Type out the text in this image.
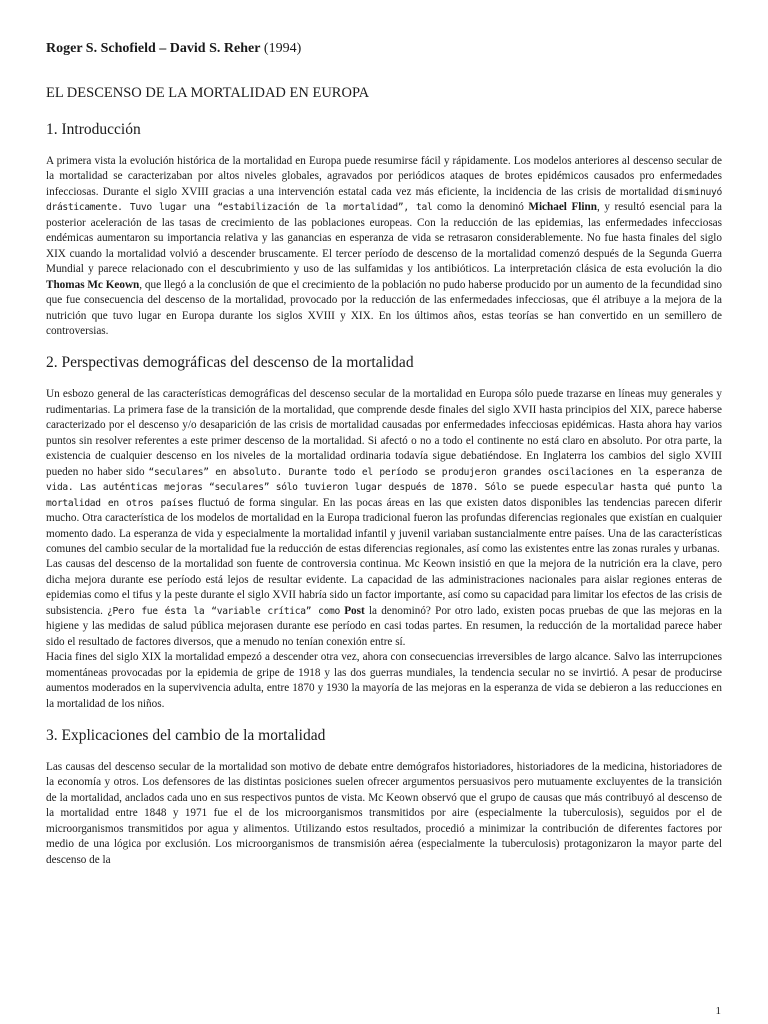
Roger S. Schofield – David S. Reher (1994)
EL DESCENSO DE LA MORTALIDAD EN EUROPA
1. Introducción

A primera vista la evolución histórica de la mortalidad en Europa puede resumirse fácil y rápidamente. Los modelos anteriores al descenso secular de la mortalidad se caracterizaban por altos niveles globales, agravados por periódicos ataques de brotes epidémicos causados pro enfermedades infecciosas. Durante el siglo XVIII gracias a una intervención estatal cada vez más eficiente, la incidencia de las crisis de mortalidad disminuyó drásticamente. Tuvo lugar una “estabilización de la mortalidad”, tal como la denominó Michael Flinn, y resultó esencial para la posterior aceleración de las tasas de crecimiento de las poblaciones europeas. Con la reducción de las epidemias, las enfermedades infecciosas endémicas aumentaron su importancia relativa y las ganancias en esperanza de vida se retrasaron considerablemente. No fue hasta finales del siglo XIX cuando la mortalidad volvió a descender bruscamente. El tercer período de descenso de la mortalidad comenzó después de la Segunda Guerra Mundial y parece relacionado con el descubrimiento y uso de las sulfamidas y los antibióticos. La interpretación clásica de esta evolución la dio Thomas Mc Keown, que llegó a la conclusión de que el crecimiento de la población no pudo haberse producido por un aumento de la fecundidad sino que fue consecuencia del descenso de la mortalidad, provocado por la reducción de las enfermedades infecciosas, que él atribuye a la mejora de la nutrición que tuvo lugar en Europa durante los siglos XVIII y XIX. En los últimos años, estas teorías se han convertido en un semillero de controversias.

2. Perspectivas demográficas del descenso de la mortalidad

Un esbozo general de las características demográficas del descenso secular de la mortalidad en Europa sólo puede trazarse en líneas muy generales y rudimentarias. La primera fase de la transición de la mortalidad, que comprende desde finales del siglo XVII hasta principios del XIX, parece haberse caracterizado por el descenso y/o desaparición de las crisis de mortalidad causadas por enfermedades infecciosas epidémicas. Hasta ahora hay varios puntos sin resolver referentes a este primer descenso de la mortalidad. Si afectó o no a todo el continente no está claro en absoluto. Por otra parte, la existencia de cualquier descenso en los niveles de la mortalidad ordinaria todavía sigue debatiéndose. En Inglaterra los cambios del siglo XVIII pueden no haber sido “seculares” en absoluto. Durante todo el período se produjeron grandes oscilaciones en la esperanza de vida. Las auténticas mejoras “seculares” sólo tuvieron lugar después de 1870. Sólo se puede especular hasta qué punto la mortalidad en otros países fluctuó de forma singular. En las pocas áreas en las que existen datos disponibles las tendencias parecen diferir mucho. Otra característica de los modelos de mortalidad en la Europa tradicional fueron las profundas diferencias regionales que existían en cualquier momento dado. La esperanza de vida y especialmente la mortalidad infantil y juvenil variaban sustancialmente entre países. Una de las características comunes del cambio secular de la mortalidad fue la reducción de estas diferencias regionales, así como las existentes entre las zonas rurales y urbanas.

Las causas del descenso de la mortalidad son fuente de controversia continua. Mc Keown insistió en que la mejora de la nutrición era la clave, pero dicha mejora durante ese período está lejos de resultar evidente. La capacidad de las administraciones nacionales para aislar regiones enteras de epidemias como el tifus y la peste durante el siglo XVII habría sido un factor importante, así como su capacidad para limitar los efectos de las crisis de subsistencia. ¿Pero fue ésta la “variable crítica” como Post la denominó? Por otro lado, existen pocas pruebas de que las mejoras en la higiene y las medidas de salud pública mejorasen durante ese período en casi todas partes. En resumen, la reducción de la mortalidad parece haber sido el resultado de factores diversos, que a menudo no tenían conexión entre sí.

Hacia fines del siglo XIX la mortalidad empezó a descender otra vez, ahora con consecuencias irreversibles de largo alcance. Salvo las interrupciones momentáneas provocadas por la epidemia de gripe de 1918 y las dos guerras mundiales, la tendencia secular no se invirtió. A pesar de producirse aumentos moderados en la supervivencia adulta, entre 1870 y 1930 la mayoría de las mejoras en la esperanza de vida se debieron a las reducciones en la mortalidad de los niños.

3. Explicaciones del cambio de la mortalidad

Las causas del descenso secular de la mortalidad son motivo de debate entre demógrafos historiadores, historiadores de la medicina, historiadores de la economía y otros. Los defensores de las distintas posiciones suelen ofrecer argumentos persuasivos pero mutuamente excluyentes de la transición de la mortalidad, anclados cada uno en sus respectivos puntos de vista. Mc Keown observó que el grupo de causas que más contribuyó al descenso de la mortalidad entre 1848 y 1971 fue el de los microorganismos transmitidos por aire (especialmente la tuberculosis), seguidos por el de microorganismos transmitidos por agua y alimentos. Utilizando estos resultados, procedió a minimizar la contribución de diferentes factores por medio de una lógica por exclusión. Los microorganismos de transmisión aérea (especialmente la tuberculosis) protagonizaron la mayor parte del descenso de la

1
